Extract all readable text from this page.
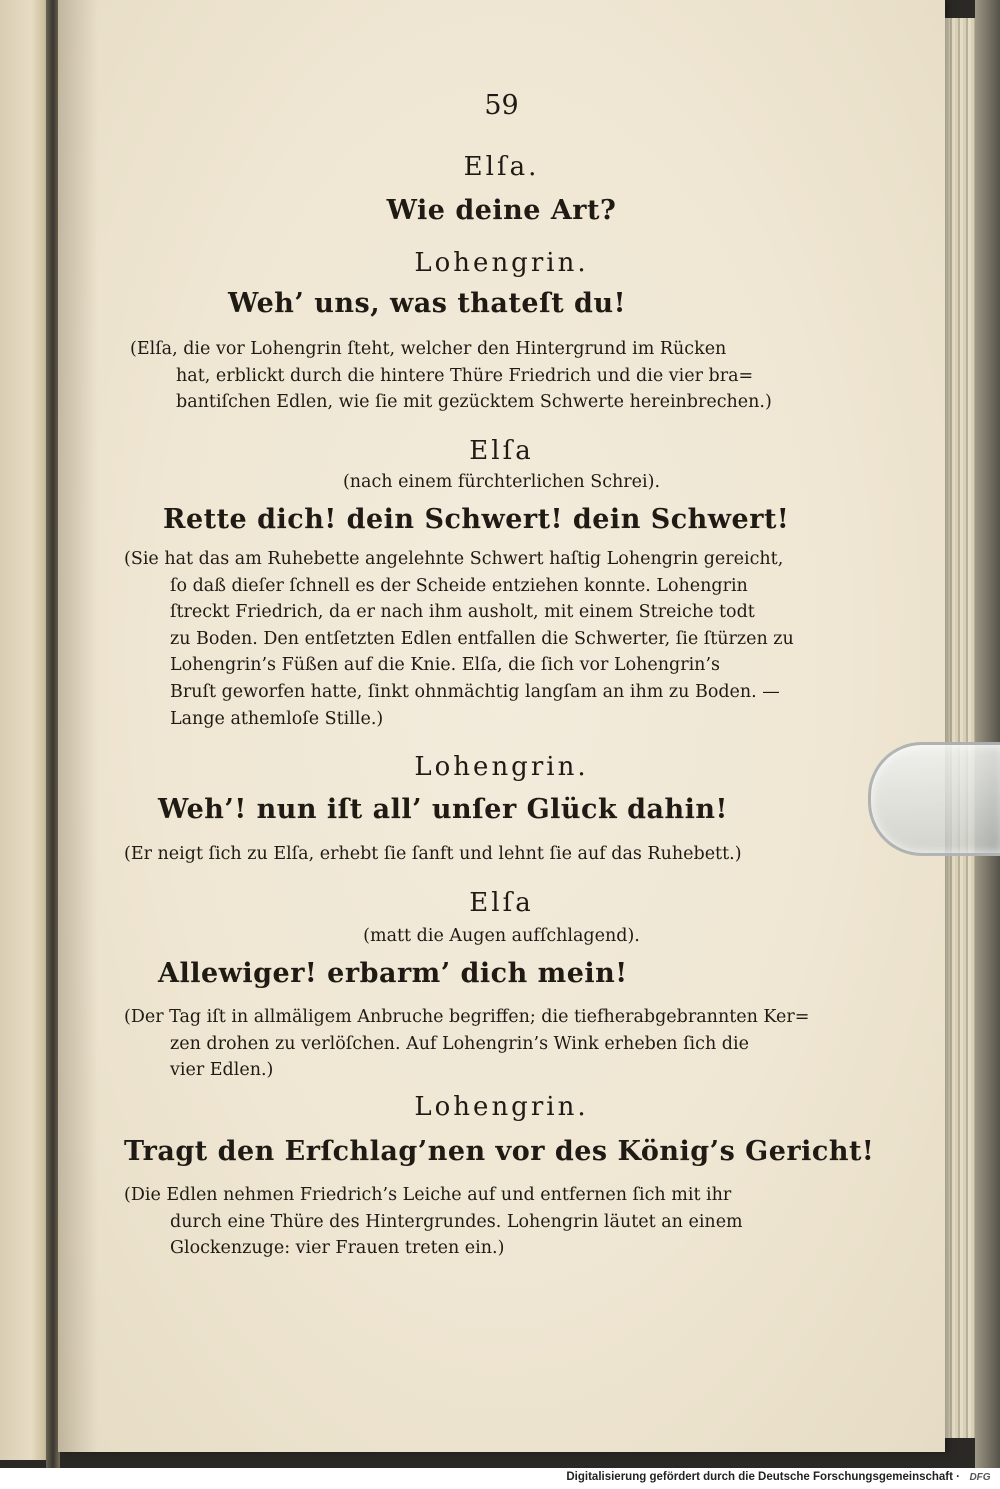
59
Elſa.
Wie deine Art?
Lohengrin.
Weh’ uns, was thateſt du!
(Elſa, die vor Lohengrin ſteht, welcher den Hintergrund im Rücken
hat, erblickt durch die hintere Thüre Friedrich und die vier bra=
bantiſchen Edlen, wie ſie mit gezücktem Schwerte hereinbrechen.)
Elſa
(nach einem fürchterlichen Schrei).
Rette dich! dein Schwert! dein Schwert!
(Sie hat das am Ruhebette angelehnte Schwert haſtig Lohengrin gereicht,
ſo daß dieſer ſchnell es der Scheide entziehen konnte. Lohengrin
ſtreckt Friedrich, da er nach ihm ausholt, mit einem Streiche todt
zu Boden. Den entſetzten Edlen entfallen die Schwerter, ſie ſtürzen zu
Lohengrin’s Füßen auf die Knie. Elſa, die ſich vor Lohengrin’s
Bruſt geworfen hatte, ſinkt ohnmächtig langſam an ihm zu Boden. —
Lange athemloſe Stille.)
Lohengrin.
Weh’! nun iſt all’ unſer Glück dahin!
(Er neigt ſich zu Elſa, erhebt ſie ſanft und lehnt ſie auf das Ruhebett.)
Elſa
(matt die Augen aufſchlagend).
Allewiger! erbarm’ dich mein!
(Der Tag iſt in allmäligem Anbruche begriffen; die tiefherabgebrannten Ker=
zen drohen zu verlöſchen. Auf Lohengrin’s Wink erheben ſich die
vier Edlen.)
Lohengrin.
Tragt den Erſchlag’nen vor des König’s Gericht!
(Die Edlen nehmen Friedrich’s Leiche auf und entfernen ſich mit ihr
durch eine Thüre des Hintergrundes. Lohengrin läutet an einem
Glockenzuge: vier Frauen treten ein.)
Digitalisierung gefördert durch die Deutsche Forschungsgemeinschaft · DFG
